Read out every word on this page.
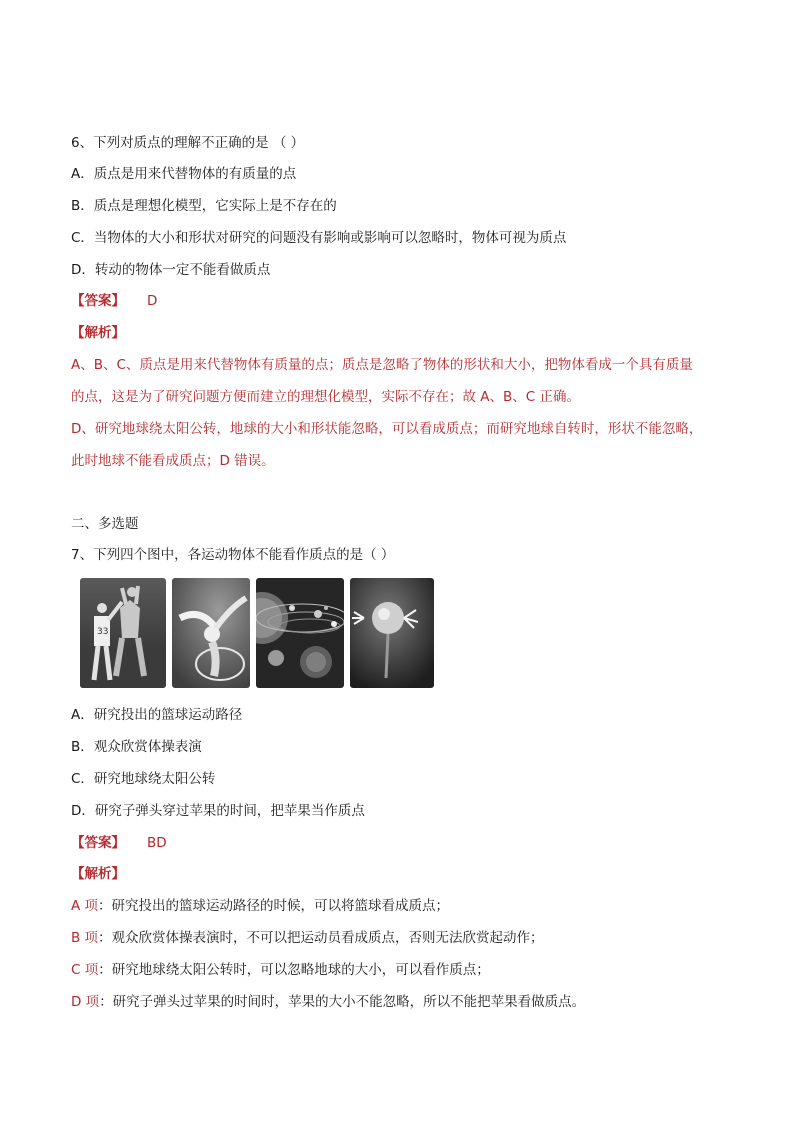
6、下列对质点的理解不正确的是 （ ）
A．质点是用来代替物体的有质量的点
B．质点是理想化模型，它实际上是不存在的
C．当物体的大小和形状对研究的问题没有影响或影响可以忽略时，物体可视为质点
D．转动的物体一定不能看做质点
【答案】 D
【解析】
A、B、C、质点是用来代替物体有质量的点；质点是忽略了物体的形状和大小，把物体看成一个具有质量
的点，这是为了研究问题方便而建立的理想化模型，实际不存在；故 A、B、C 正确。
D、研究地球绕太阳公转，地球的大小和形状能忽略，可以看成质点；而研究地球自转时，形状不能忽略，
此时地球不能看成质点；D 错误。
二、多选题
7、下列四个图中，各运动物体不能看作质点的是（ ）
33
A．研究投出的篮球运动路径
B．观众欣赏体操表演
C．研究地球绕太阳公转
D．研究子弹头穿过苹果的时间，把苹果当作质点
【答案】 BD
【解析】
A 项：研究投出的篮球运动路径的时候，可以将篮球看成质点；
B 项：观众欣赏体操表演时，不可以把运动员看成质点，否则无法欣赏起动作；
C 项：研究地球绕太阳公转时，可以忽略地球的大小，可以看作质点；
D 项：研究子弹头过苹果的时间时，苹果的大小不能忽略，所以不能把苹果看做质点。
